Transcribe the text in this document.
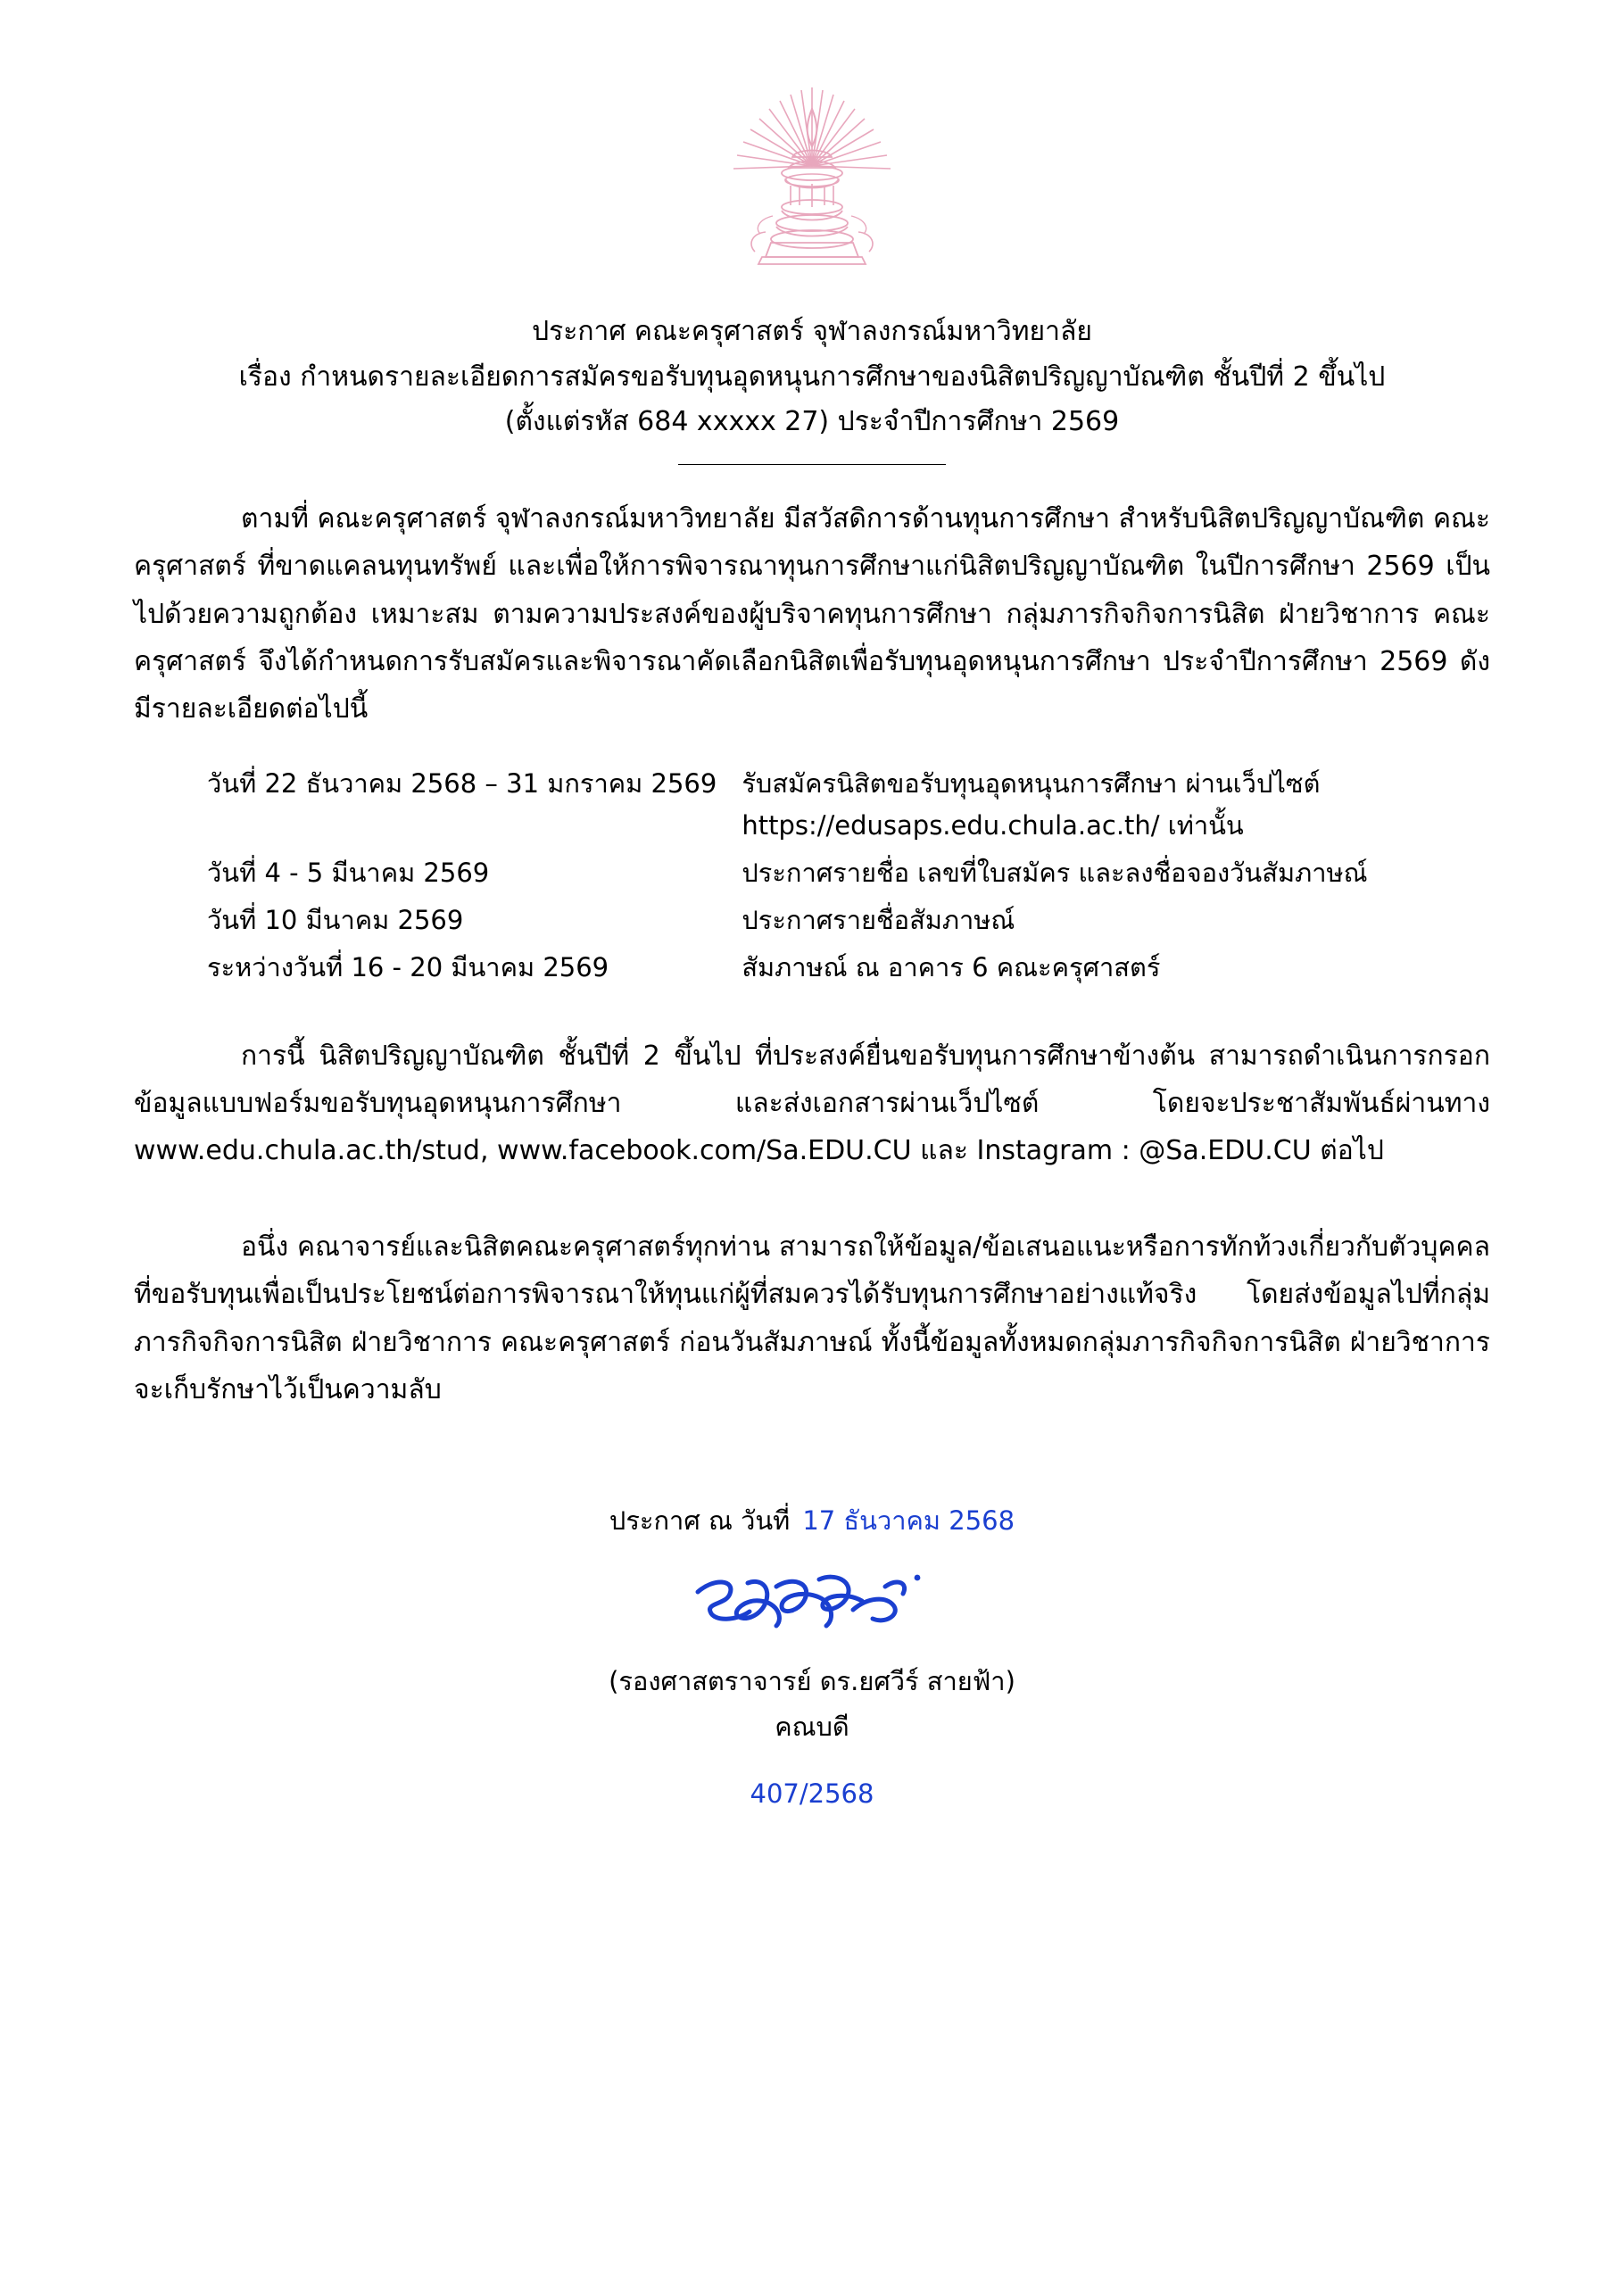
ประกาศ คณะครุศาสตร์ จุฬาลงกรณ์มหาวิทยาลัย
เรื่อง กำหนดรายละเอียดการสมัครขอรับทุนอุดหนุนการศึกษาของนิสิตปริญญาบัณฑิต ชั้นปีที่ 2 ขึ้นไป
(ตั้งแต่รหัส 684 xxxxx 27) ประจำปีการศึกษา 2569

ตามที่ คณะครุศาสตร์ จุฬาลงกรณ์มหาวิทยาลัย มีสวัสดิการด้านทุนการศึกษา สำหรับนิสิตปริญญาบัณฑิต คณะครุศาสตร์ ที่ขาดแคลนทุนทรัพย์ และเพื่อให้การพิจารณาทุนการศึกษาแก่นิสิตปริญญาบัณฑิต ในปีการศึกษา 2569 เป็นไปด้วยความถูกต้อง เหมาะสม ตามความประสงค์ของผู้บริจาคทุนการศึกษา กลุ่มภารกิจกิจการนิสิต ฝ่ายวิชาการ คณะครุศาสตร์ จึงได้กำหนดการรับสมัครและพิจารณาคัดเลือกนิสิตเพื่อรับทุนอุดหนุนการศึกษา ประจำปีการศึกษา 2569 ดังมีรายละเอียดต่อไปนี้

วันที่ 22 ธันวาคม 2568 – 31 มกราคม 2569	รับสมัครนิสิตขอรับทุนอุดหนุนการศึกษา ผ่านเว็ปไซต์
https://edusaps.edu.chula.ac.th/ เท่านั้น

วันที่ 4 - 5 มีนาคม 2569	ประกาศรายชื่อ เลขที่ใบสมัคร และลงชื่อจองวันสัมภาษณ์
วันที่ 10 มีนาคม 2569	ประกาศรายชื่อสัมภาษณ์
ระหว่างวันที่ 16 - 20 มีนาคม 2569	สัมภาษณ์ ณ อาคาร 6 คณะครุศาสตร์

การนี้ นิสิตปริญญาบัณฑิต ชั้นปีที่ 2 ขึ้นไป ที่ประสงค์ยื่นขอรับทุนการศึกษาข้างต้น สามารถดำเนินการกรอกข้อมูลแบบฟอร์มขอรับทุนอุดหนุนการศึกษา และส่งเอกสารผ่านเว็ปไซต์ โดยจะประชาสัมพันธ์ผ่านทาง www.edu.chula.ac.th/stud, www.facebook.com/Sa.EDU.CU และ Instagram : @Sa.EDU.CU ต่อไป

อนึ่ง คณาจารย์และนิสิตคณะครุศาสตร์ทุกท่าน สามารถให้ข้อมูล/ข้อเสนอแนะหรือการทักท้วงเกี่ยวกับตัวบุคคลที่ขอรับทุนเพื่อเป็นประโยชน์ต่อการพิจารณาให้ทุนแก่ผู้ที่สมควรได้รับทุนการศึกษาอย่างแท้จริง โดยส่งข้อมูลไปที่กลุ่มภารกิจกิจการนิสิต ฝ่ายวิชาการ คณะครุศาสตร์ ก่อนวันสัมภาษณ์ ทั้งนี้ข้อมูลทั้งหมดกลุ่มภารกิจกิจการนิสิต ฝ่ายวิชาการ จะเก็บรักษาไว้เป็นความลับ

ประกาศ ณ วันที่ 17 ธันวาคม 2568
(รองศาสตราจารย์ ดร.ยศวีร์ สายฟ้า)
คณบดี
407/2568
